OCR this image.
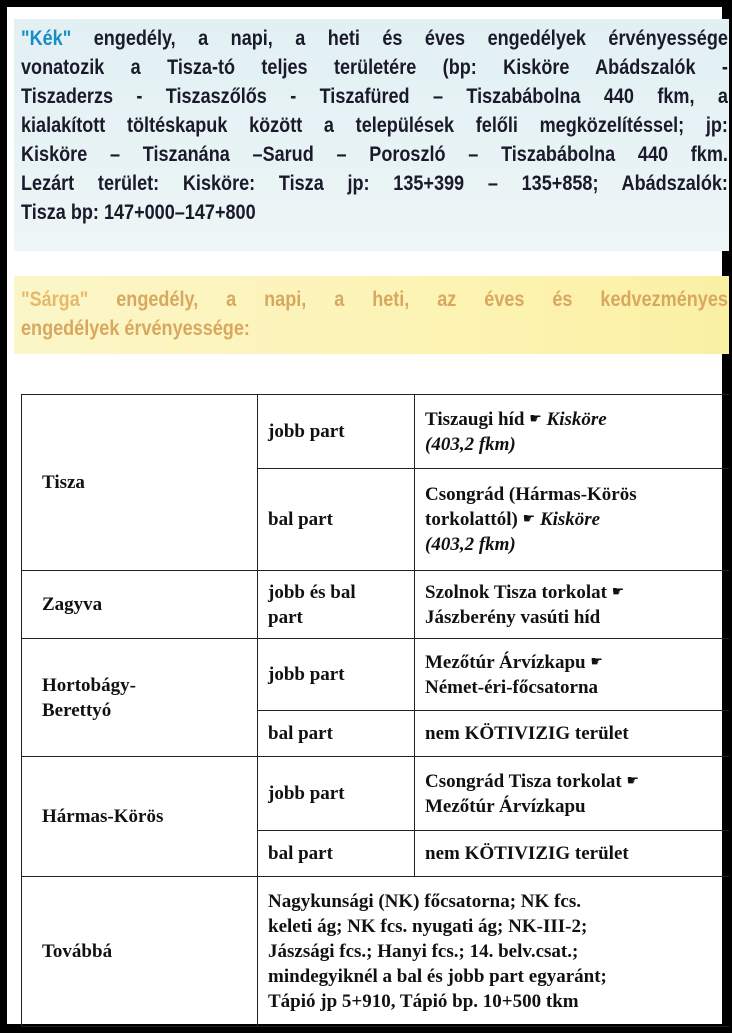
"Kék" engedély, a napi, a heti és éves engedélyek érvényessége
vonatozik a Tisza-tó teljes területére (bp: Kisköre Abádszalók -
Tiszaderzs - Tiszaszőlős - Tiszafüred – Tiszabábolna 440 fkm, a
kialakított töltéskapuk között a települések felőli megközelítéssel; jp:
Kisköre – Tiszanána –Sarud – Poroszló – Tiszabábolna 440 fkm.
Lezárt terület: Kisköre: Tisza jp: 135+399 – 135+858; Abádszalók:
Tisza bp: 147+000–147+800
"Sárga" engedély, a napi, a heti, az éves és kedvezményes
engedélyek érvényessége:
Tisza	jobb part	Tiszaugi híd ☛ Kisköre
(403,2 fkm)
	bal part	Csongrád (Hármas-Körös
torkolattól) ☛ Kisköre
(403,2 fkm)
Zagyva	jobb és bal
part	Szolnok Tisza torkolat ☛
Jászberény vasúti híd
Hortobágy-
Berettyó	jobb part	Mezőtúr Árvízkapu ☛
Német-éri-főcsatorna
	bal part	nem KÖTIVIZIG terület
Hármas-Körös	jobb part	Csongrád Tisza torkolat ☛
Mezőtúr Árvízkapu
	bal part	nem KÖTIVIZIG terület
Továbbá	Nagykunsági (NK) főcsatorna; NK fcs.
keleti ág; NK fcs. nyugati ág; NK-III-2;
Jászsági fcs.; Hanyi fcs.; 14. belv.csat.;
mindegyiknél a bal és jobb part egyaránt;
Tápió jp 5+910, Tápió bp. 10+500 tkm	
